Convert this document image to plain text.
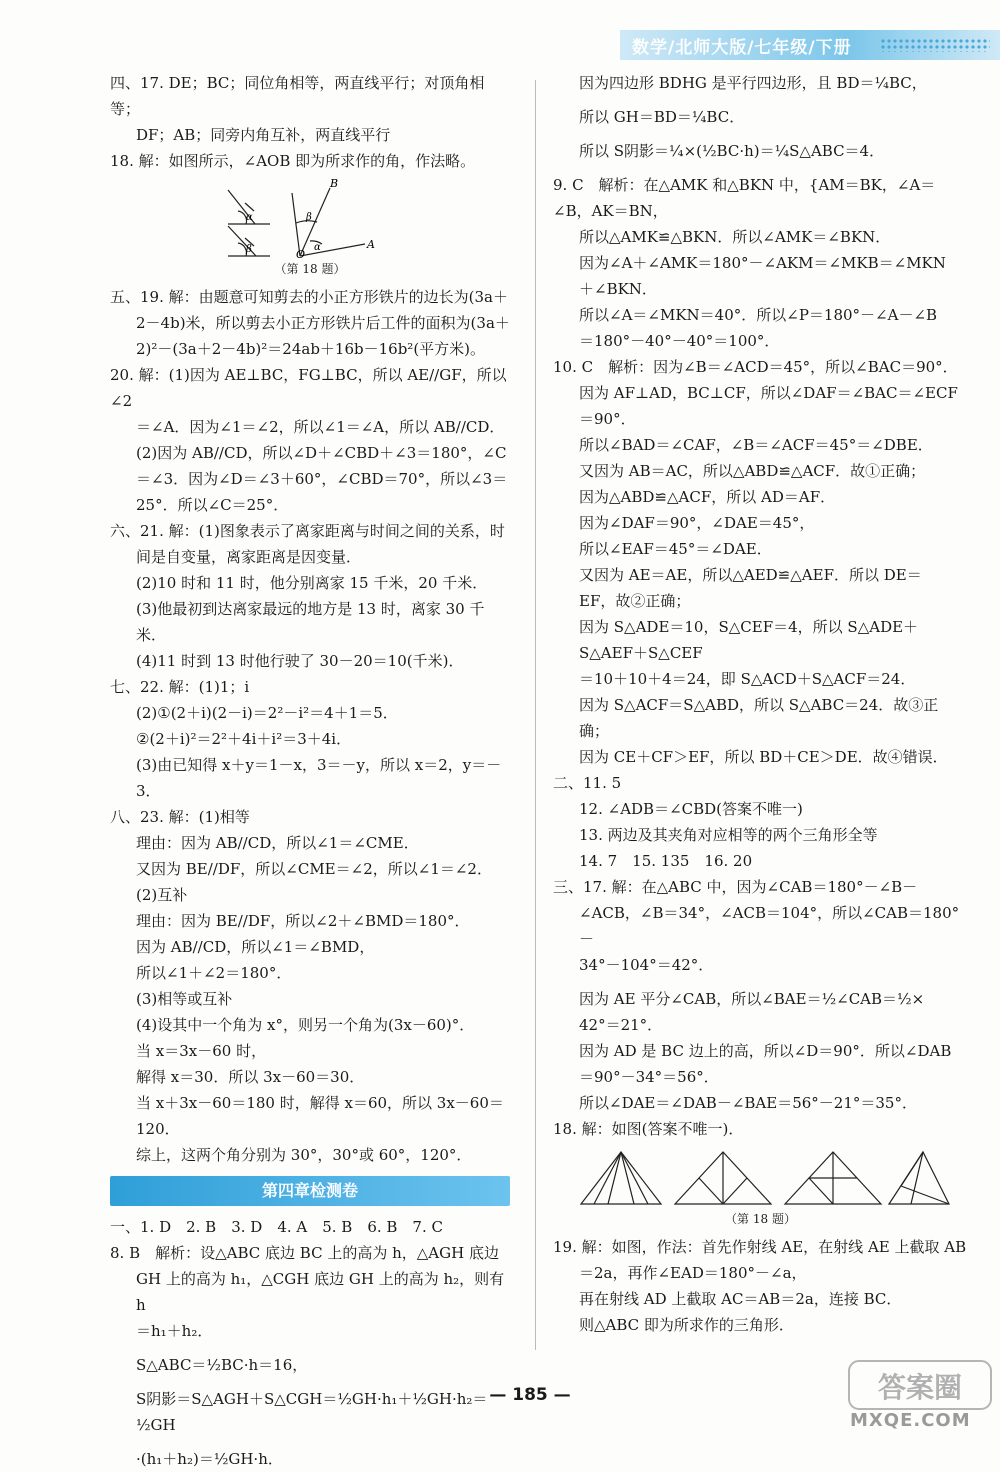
数学/北师大版/七年级/下册

四、17. DE；BC；同位角相等，两直线平行；对顶角相等；

DF；AB；同旁内角互补，两直线平行

18. 解：如图所示，∠AOB 即为所求作的角，作法略。

α
β
β
α
B
O
A
（第 18 题）

五、19. 解：由题意可知剪去的小正方形铁片的边长为(3a＋

2－4b)米，所以剪去小正方形铁片后工件的面积为(3a＋

2)²－(3a＋2－4b)²＝24ab＋16b－16b²(平方米)。

20. 解：(1)因为 AE⊥BC，FG⊥BC，所以 AE//GF，所以∠2

＝∠A．因为∠1＝∠2，所以∠1＝∠A，所以 AB//CD．

(2)因为 AB//CD，所以∠D＋∠CBD＋∠3＝180°，∠C

＝∠3．因为∠D＝∠3＋60°，∠CBD＝70°，所以∠3＝

25°．所以∠C＝25°．

六、21. 解：(1)图象表示了离家距离与时间之间的关系，时

间是自变量，离家距离是因变量．

(2)10 时和 11 时，他分别离家 15 千米，20 千米．

(3)他最初到达离家最远的地方是 13 时，离家 30 千米．

(4)11 时到 13 时他行驶了 30－20＝10(千米)．

七、22. 解：(1)1；i

(2)①(2＋i)(2－i)＝2²－i²＝4＋1＝5．

②(2＋i)²＝2²＋4i＋i²＝3＋4i．

(3)由已知得 x＋y＝1－x，3＝－y，所以 x＝2，y＝－3．

八、23. 解：(1)相等

理由：因为 AB//CD，所以∠1＝∠CME．

又因为 BE//DF，所以∠CME＝∠2，所以∠1＝∠2．

(2)互补

理由：因为 BE//DF，所以∠2＋∠BMD＝180°．

因为 AB//CD，所以∠1＝∠BMD，

所以∠1＋∠2＝180°．

(3)相等或互补

(4)设其中一个角为 x°，则另一个角为(3x－60)°．

当 x＝3x－60 时，

解得 x＝30．所以 3x－60＝30．

当 x＋3x－60＝180 时，解得 x＝60，所以 3x－60＝120．

综上，这两个角分别为 30°，30°或 60°，120°．

第四章检测卷

一、1. D　2. B　3. D　4. A　5. B　6. B　7. C

8. B　解析：设△ABC 底边 BC 上的高为 h，△AGH 底边

GH 上的高为 h₁，△CGH 底边 GH 上的高为 h₂，则有 h

＝h₁＋h₂．

S△ABC＝½BC·h＝16，

S阴影＝S△AGH＋S△CGH＝½GH·h₁＋½GH·h₂＝½GH

·(h₁＋h₂)＝½GH·h．

因为四边形 BDHG 是平行四边形，且 BD＝¼BC，

所以 GH＝BD＝¼BC．

所以 S阴影＝¼×(½BC·h)＝¼S△ABC＝4．

9. C　解析：在△AMK 和△BKN 中，{AM＝BK，∠A＝∠B，AK＝BN，

所以△AMK≌△BKN．所以∠AMK＝∠BKN．

因为∠A＋∠AMK＝180°－∠AKM＝∠MKB＝∠MKN

＋∠BKN．

所以∠A＝∠MKN＝40°．所以∠P＝180°－∠A－∠B

＝180°－40°－40°＝100°．

10. C　解析：因为∠B＝∠ACD＝45°，所以∠BAC＝90°．

因为 AF⊥AD，BC⊥CF，所以∠DAF＝∠BAC＝∠ECF

＝90°．

所以∠BAD＝∠CAF，∠B＝∠ACF＝45°＝∠DBE．

又因为 AB＝AC，所以△ABD≌△ACF．故①正确；

因为△ABD≌△ACF，所以 AD＝AF．

因为∠DAF＝90°，∠DAE＝45°，

所以∠EAF＝45°＝∠DAE．

又因为 AE＝AE，所以△AED≌△AEF．所以 DE＝

EF，故②正确；

因为 S△ADE＝10，S△CEF＝4，所以 S△ADE＋S△AEF＋S△CEF

＝10＋10＋4＝24，即 S△ACD＋S△ACF＝24．

因为 S△ACF＝S△ABD，所以 S△ABC＝24．故③正确；

因为 CE＋CF＞EF，所以 BD＋CE＞DE．故④错误．

二、11. 5

12. ∠ADB＝∠CBD(答案不唯一)

13. 两边及其夹角对应相等的两个三角形全等

14. 7　15. 135　16. 20

三、17. 解：在△ABC 中，因为∠CAB＝180°－∠B－

∠ACB，∠B＝34°，∠ACB＝104°，所以∠CAB＝180°－

34°－104°＝42°．

因为 AE 平分∠CAB，所以∠BAE＝½∠CAB＝½×

42°＝21°．

因为 AD 是 BC 边上的高，所以∠D＝90°．所以∠DAB

＝90°－34°＝56°．

所以∠DAE＝∠DAB－∠BAE＝56°－21°＝35°．

18. 解：如图(答案不唯一)．

（第 18 题）

19. 解：如图，作法：首先作射线 AE，在射线 AE 上截取 AB

＝2a，再作∠EAD＝180°－∠a，

再在射线 AD 上截取 AC＝AB＝2a，连接 BC．

则△ABC 即为所求作的三角形．

— 185 —	答案圈
MXQE.COM
